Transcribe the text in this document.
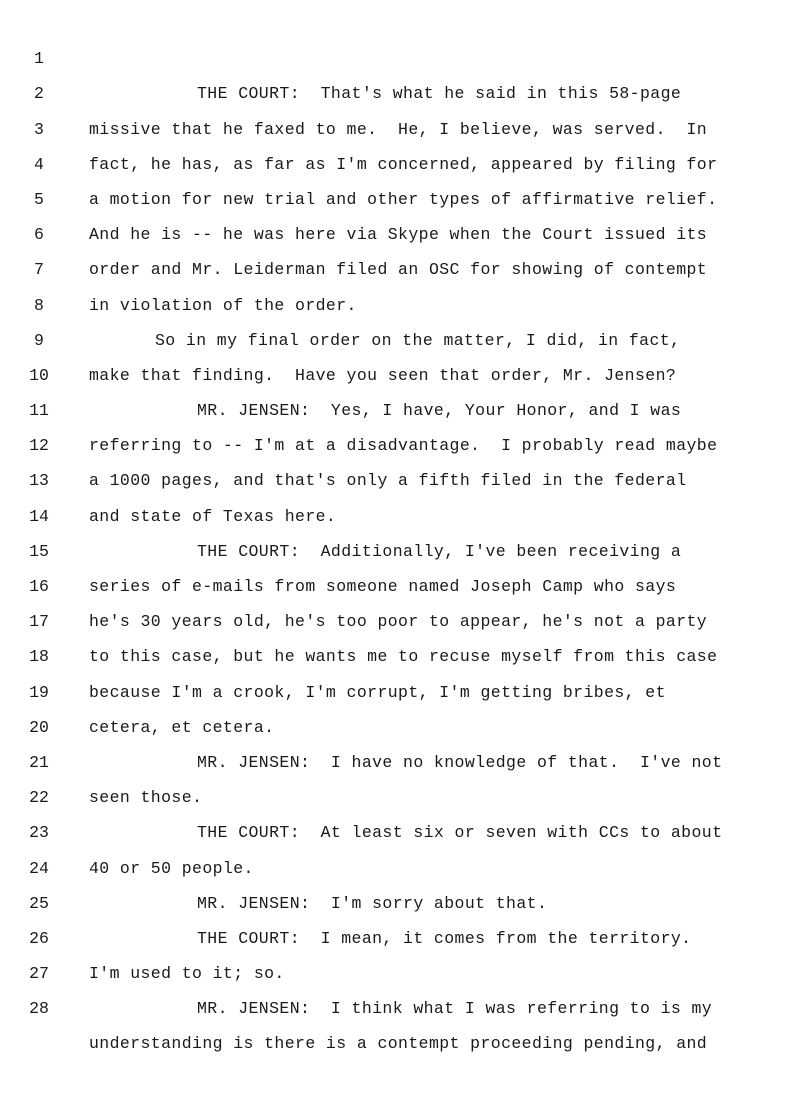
1

THE COURT:  That's what he said in this 58-page

2

missive that he faxed to me.  He, I believe, was served.  In

3

fact, he has, as far as I'm concerned, appeared by filing for

4

a motion for new trial and other types of affirmative relief.

5

And he is -- he was here via Skype when the Court issued its

6

order and Mr. Leiderman filed an OSC for showing of contempt

7

in violation of the order.

8

So in my final order on the matter, I did, in fact,

9

make that finding.  Have you seen that order, Mr. Jensen?

10

MR. JENSEN:  Yes, I have, Your Honor, and I was

11

referring to -- I'm at a disadvantage.  I probably read maybe

12

a 1000 pages, and that's only a fifth filed in the federal

13

and state of Texas here.

14

THE COURT:  Additionally, I've been receiving a

15

series of e-mails from someone named Joseph Camp who says

16

he's 30 years old, he's too poor to appear, he's not a party

17

to this case, but he wants me to recuse myself from this case

18

because I'm a crook, I'm corrupt, I'm getting bribes, et

19

cetera, et cetera.

20

MR. JENSEN:  I have no knowledge of that.  I've not

21

seen those.

22

THE COURT:  At least six or seven with CCs to about

23

40 or 50 people.

24

MR. JENSEN:  I'm sorry about that.

25

THE COURT:  I mean, it comes from the territory.

26

I'm used to it; so.

27

MR. JENSEN:  I think what I was referring to is my

28

understanding is there is a contempt proceeding pending, and
